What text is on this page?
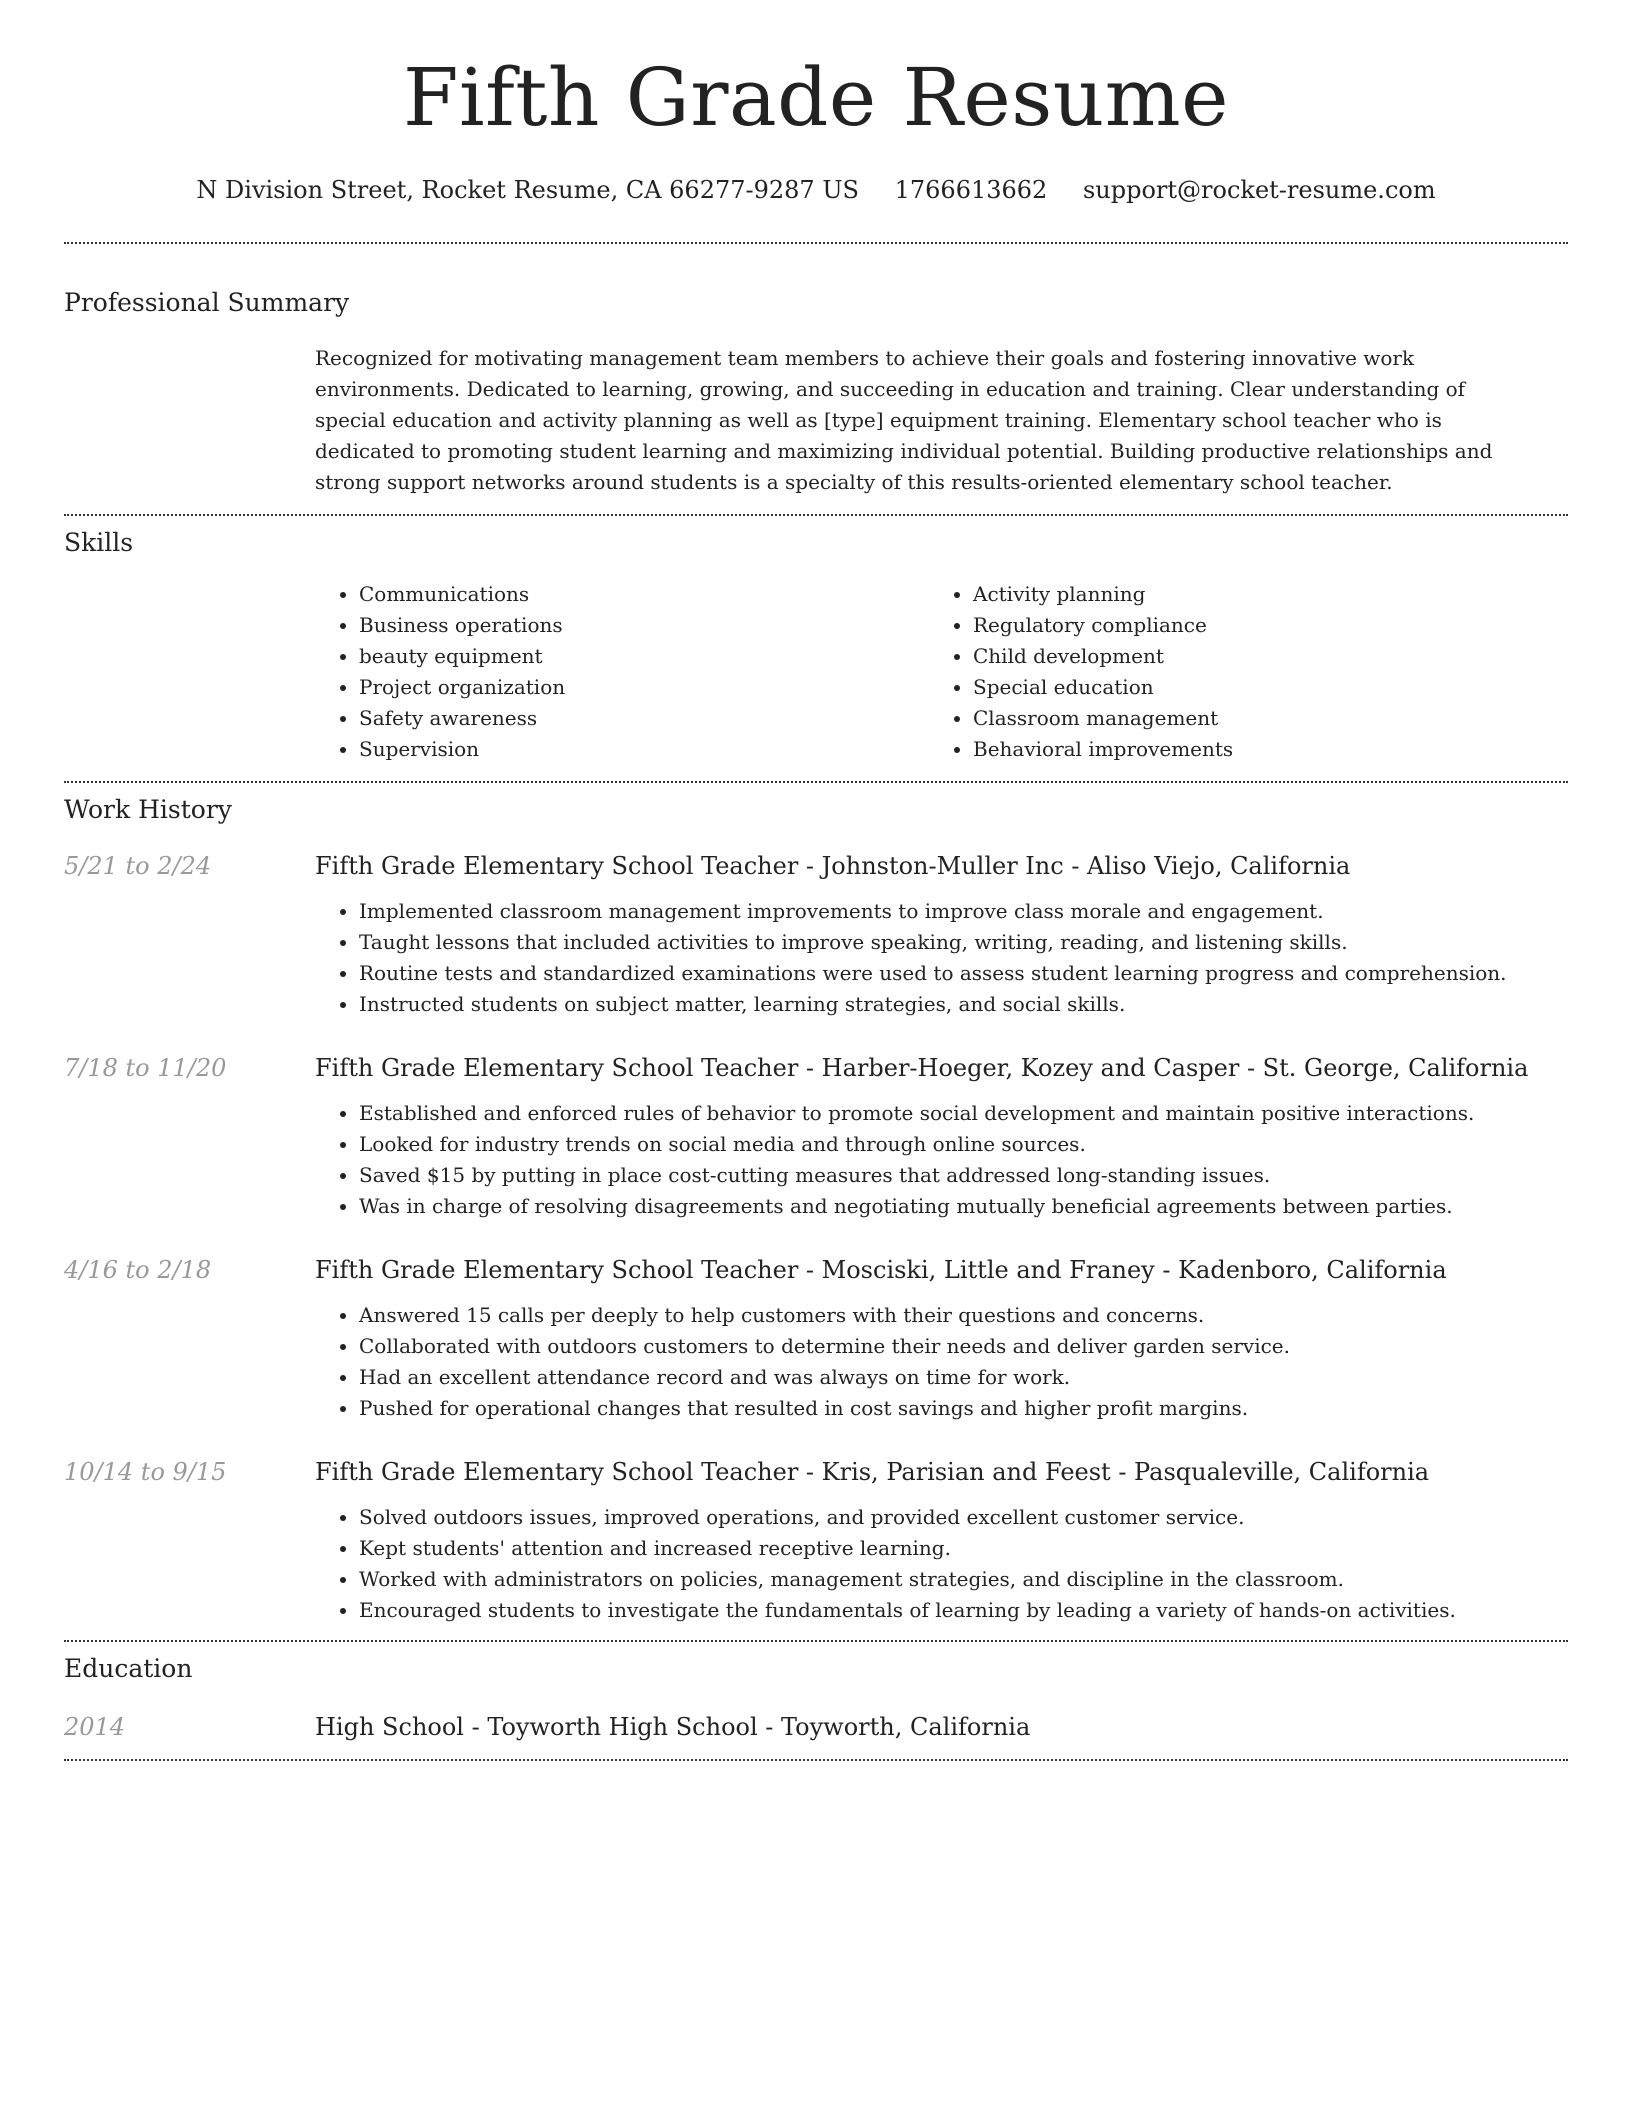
Fifth Grade Resume
N Division Street, Rocket Resume, CA 66277-9287 US 1766613662 support@rocket-resume.com
Professional Summary
Recognized for motivating management team members to achieve their goals and fostering innovative work environments. Dedicated to learning, growing, and succeeding in education and training. Clear understanding of special education and activity planning as well as [type] equipment training. Elementary school teacher who is dedicated to promoting student learning and maximizing individual potential. Building productive relationships and strong support networks around students is a specialty of this results-oriented elementary school teacher.
Skills
• Communications
• Business operations
• beauty equipment
• Project organization
• Safety awareness
• Supervision
• Activity planning
• Regulatory compliance
• Child development
• Special education
• Classroom management
• Behavioral improvements
Work History
5/21 to 2/24	Fifth Grade Elementary School Teacher - Johnston-Muller Inc - Aliso Viejo, California
• Implemented classroom management improvements to improve class morale and engagement.
• Taught lessons that included activities to improve speaking, writing, reading, and listening skills.
• Routine tests and standardized examinations were used to assess student learning progress and comprehension.
• Instructed students on subject matter, learning strategies, and social skills.
7/18 to 11/20	Fifth Grade Elementary School Teacher - Harber-Hoeger, Kozey and Casper - St. George, California
• Established and enforced rules of behavior to promote social development and maintain positive interactions.
• Looked for industry trends on social media and through online sources.
• Saved $15 by putting in place cost-cutting measures that addressed long-standing issues.
• Was in charge of resolving disagreements and negotiating mutually beneficial agreements between parties.
4/16 to 2/18	Fifth Grade Elementary School Teacher - Mosciski, Little and Franey - Kadenboro, California
• Answered 15 calls per deeply to help customers with their questions and concerns.
• Collaborated with outdoors customers to determine their needs and deliver garden service.
• Had an excellent attendance record and was always on time for work.
• Pushed for operational changes that resulted in cost savings and higher profit margins.
10/14 to 9/15	Fifth Grade Elementary School Teacher - Kris, Parisian and Feest - Pasqualeville, California
• Solved outdoors issues, improved operations, and provided excellent customer service.
• Kept students' attention and increased receptive learning.
• Worked with administrators on policies, management strategies, and discipline in the classroom.
• Encouraged students to investigate the fundamentals of learning by leading a variety of hands-on activities.
Education
2014	High School - Toyworth High School - Toyworth, California
